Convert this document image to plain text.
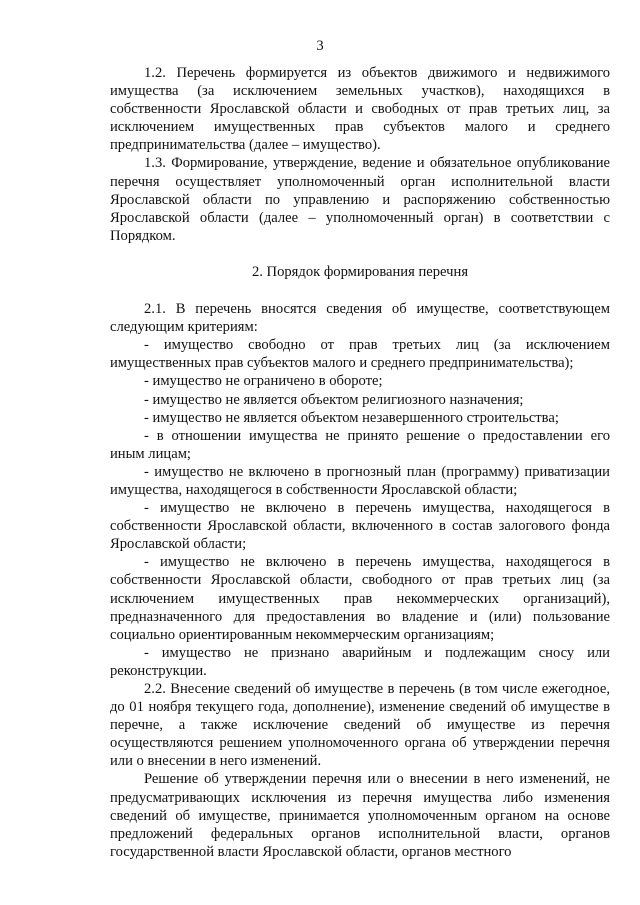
3

1.2. Перечень формируется из объектов движимого и недвижимого имущества (за исключением земельных участков), находящихся в собственности Ярославской области и свободных от прав третьих лиц, за исключением имущественных прав субъектов малого и среднего предпринимательства (далее – имущество).

1.3. Формирование, утверждение, ведение и обязательное опубликование перечня осуществляет уполномоченный орган исполнительной власти Ярославской области по управлению и распоряжению собственностью Ярославской области (далее – уполномоченный орган) в соответствии с Порядком.

2. Порядок формирования перечня

2.1. В перечень вносятся сведения об имуществе, соответствующем следующим критериям:

- имущество свободно от прав третьих лиц (за исключением имущественных прав субъектов малого и среднего предпринимательства);

- имущество не ограничено в обороте;

- имущество не является объектом религиозного назначения;

- имущество не является объектом незавершенного строительства;

- в отношении имущества не принято решение о предоставлении его иным лицам;

- имущество не включено в прогнозный план (программу) приватизации имущества, находящегося в собственности Ярославской области;

- имущество не включено в перечень имущества, находящегося в собственности Ярославской области, включенного в состав залогового фонда Ярославской области;

- имущество не включено в перечень имущества, находящегося в собственности Ярославской области, свободного от прав третьих лиц (за исключением имущественных прав некоммерческих организаций), предназначенного для предоставления во владение и (или) пользование социально ориентированным некоммерческим организациям;

- имущество не признано аварийным и подлежащим сносу или реконструкции.

2.2. Внесение сведений об имуществе в перечень (в том числе ежегодное, до 01 ноября текущего года, дополнение), изменение сведений об имуществе в перечне, а также исключение сведений об имуществе из перечня осуществляются решением уполномоченного органа об утверждении перечня или о внесении в него изменений.

Решение об утверждении перечня или о внесении в него изменений, не предусматривающих исключения из перечня имущества либо изменения сведений об имуществе, принимается уполномоченным органом на основе предложений федеральных органов исполнительной власти, органов государственной власти Ярославской области, органов местного
